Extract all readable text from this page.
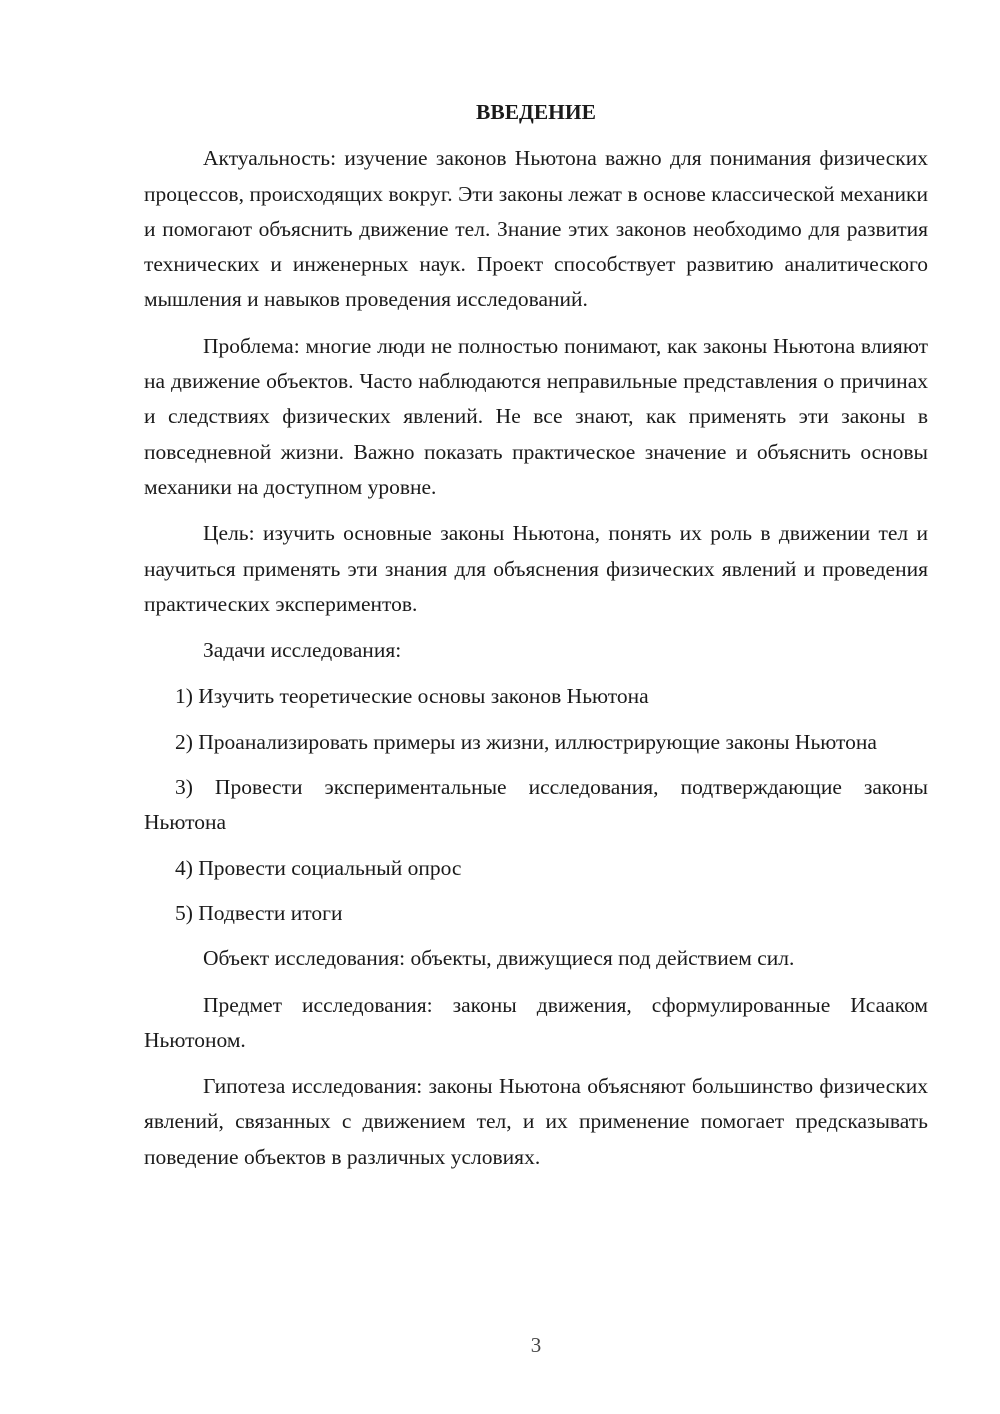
ВВЕДЕНИЕ

Актуальность: изучение законов Ньютона важно для понимания физических процессов, происходящих вокруг. Эти законы лежат в основе классической механики и помогают объяснить движение тел. Знание этих законов необходимо для развития технических и инженерных наук. Проект способствует развитию аналитического мышления и навыков проведения исследований.

Проблема: многие люди не полностью понимают, как законы Ньютона влияют на движение объектов. Часто наблюдаются неправильные представления о причинах и следствиях физических явлений. Не все знают, как применять эти законы в повседневной жизни. Важно показать практическое значение и объяснить основы механики на доступном уровне.

Цель: изучить основные законы Ньютона, понять их роль в движении тел и научиться применять эти знания для объяснения физических явлений и проведения практических экспериментов.

Задачи исследования:

1) Изучить теоретические основы законов Ньютона

2) Проанализировать примеры из жизни, иллюстрирующие законы Ньютона

3) Провести экспериментальные исследования, подтверждающие законы Ньютона

4) Провести социальный опрос

5) Подвести итоги

Объект исследования: объекты, движущиеся под действием сил.

Предмет исследования: законы движения, сформулированные Исааком Ньютоном.

Гипотеза исследования: законы Ньютона объясняют большинство физических явлений, связанных с движением тел, и их применение помогает предсказывать поведение объектов в различных условиях.

3
